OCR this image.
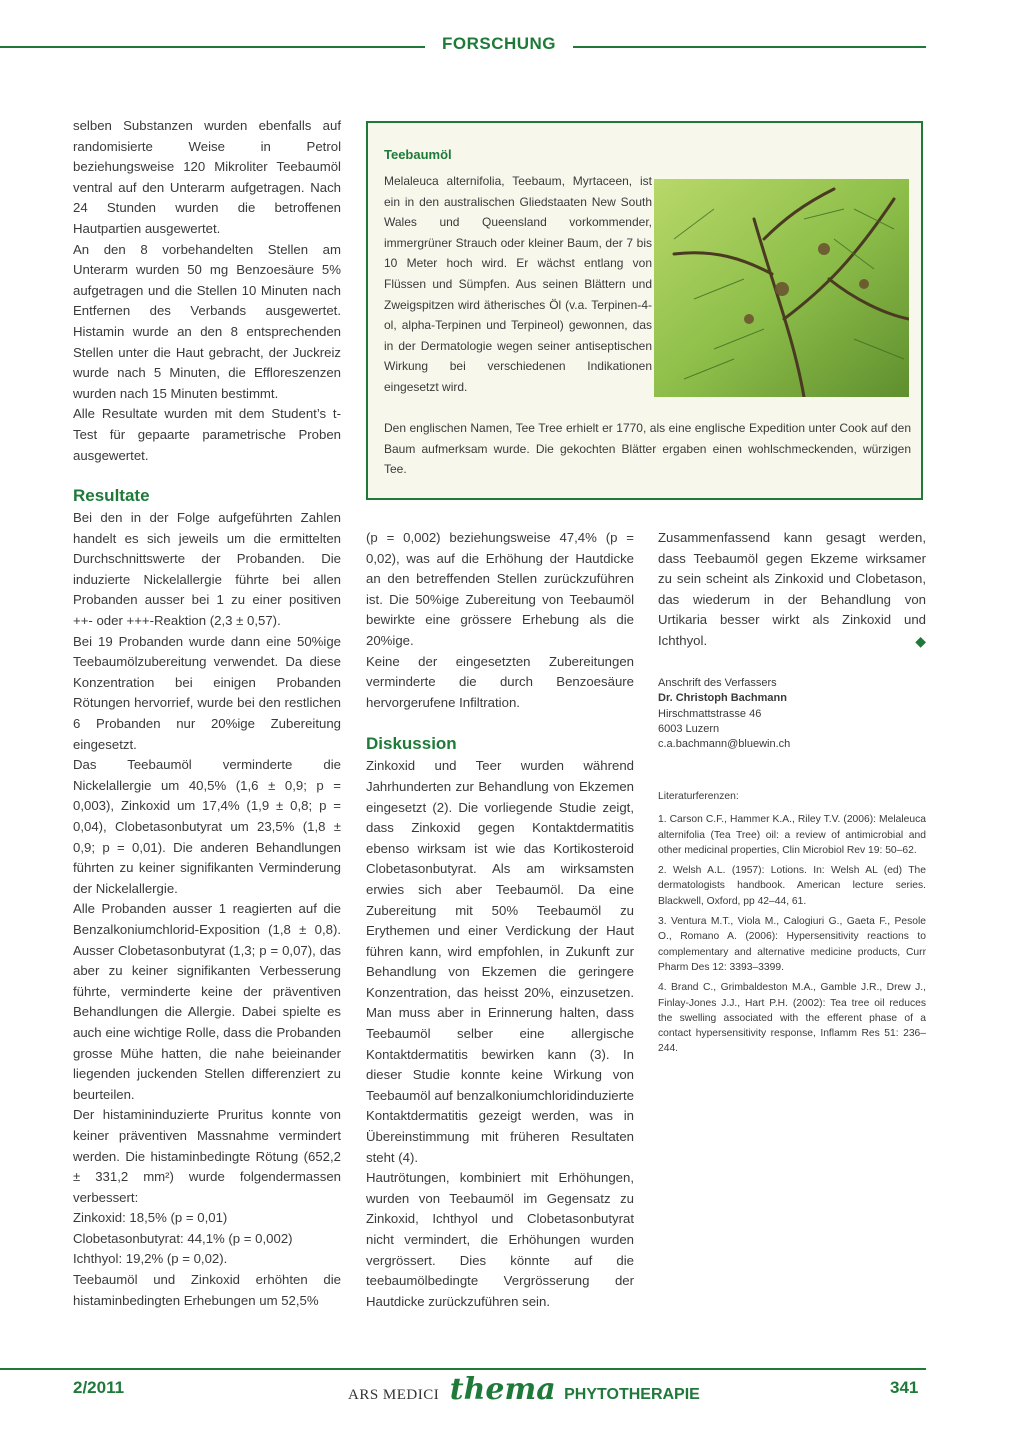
FORSCHUNG

selben Substanzen wurden ebenfalls auf randomisierte Weise in Petrol beziehungsweise 120 Mikroliter Teebaumöl ventral auf den Unterarm aufgetragen. Nach 24 Stunden wurden die betroffenen Hautpartien ausgewertet.

An den 8 vorbehandelten Stellen am Unterarm wurden 50 mg Benzoesäure 5% aufgetragen und die Stellen 10 Minuten nach Entfernen des Verbands ausgewertet. Histamin wurde an den 8 entsprechenden Stellen unter die Haut gebracht, der Juckreiz wurde nach 5 Minuten, die Effloreszenzen wurden nach 15 Minuten bestimmt.

Alle Resultate wurden mit dem Student’s t-Test für gepaarte parametrische Proben ausgewertet.

Resultate

Bei den in der Folge aufgeführten Zahlen handelt es sich jeweils um die ermittelten Durchschnittswerte der Probanden. Die induzierte Nickelallergie führte bei allen Probanden ausser bei 1 zu einer positiven ++- oder +++-Reaktion (2,3 ± 0,57).

Bei 19 Probanden wurde dann eine 50%ige Teebaumölzubereitung verwendet. Da diese Konzentration bei einigen Probanden Rötungen hervorrief, wurde bei den restlichen 6 Probanden nur 20%ige Zubereitung eingesetzt.

Das Teebaumöl verminderte die Nickelallergie um 40,5% (1,6 ± 0,9; p = 0,003), Zinkoxid um 17,4% (1,9 ± 0,8; p = 0,04), Clobetasonbutyrat um 23,5% (1,8 ± 0,9; p = 0,01). Die anderen Behandlungen führten zu keiner signifikanten Verminderung der Nickelallergie.

Alle Probanden ausser 1 reagierten auf die Benzalkoniumchlorid-Exposition (1,8 ± 0,8). Ausser Clobetasonbutyrat (1,3; p = 0,07), das aber zu keiner signifikanten Verbesserung führte, verminderte keine der präventiven Behandlungen die Allergie. Dabei spielte es auch eine wichtige Rolle, dass die Probanden grosse Mühe hatten, die nahe beieinander liegenden juckenden Stellen differenziert zu beurteilen.

Der histamininduzierte Pruritus konnte von keiner präventiven Massnahme vermindert werden. Die histaminbedingte Rötung (652,2 ± 331,2 mm²) wurde folgendermassen verbessert:

Zinkoxid: 18,5% (p = 0,01)

Clobetasonbutyrat: 44,1% (p = 0,002)

Ichthyol: 19,2% (p = 0,02).

Teebaumöl und Zinkoxid erhöhten die histaminbedingten Erhebungen um 52,5%

Teebaumöl
Melaleuca alternifolia, Teebaum, Myrtaceen, ist ein in den australischen Gliedstaaten New South Wales und Queensland vorkommender, immergrüner Strauch oder kleiner Baum, der 7 bis 10 Meter hoch wird. Er wächst entlang von Flüssen und Sümpfen. Aus seinen Blättern und Zweigspitzen wird ätherisches Öl (v.a. Terpinen-4-ol, alpha-Terpinen und Terpineol) gewonnen, das in der Dermatologie wegen seiner antiseptischen Wirkung bei verschiedenen Indikationen eingesetzt wird.
Den englischen Namen, Tee Tree erhielt er 1770, als eine englische Expedition unter Cook auf den Baum aufmerksam wurde. Die gekochten Blätter ergaben einen wohlschmeckenden, würzigen Tee.

(p = 0,002) beziehungsweise 47,4% (p = 0,02), was auf die Erhöhung der Hautdicke an den betreffenden Stellen zurückzuführen ist. Die 50%ige Zubereitung von Teebaumöl bewirkte eine grössere Erhebung als die 20%ige.

Keine der eingesetzten Zubereitungen verminderte die durch Benzoesäure hervorgerufene Infiltration.

Diskussion

Zinkoxid und Teer wurden während Jahrhunderten zur Behandlung von Ekzemen eingesetzt (2). Die vorliegende Studie zeigt, dass Zinkoxid gegen Kontaktdermatitis ebenso wirksam ist wie das Kortikosteroid Clobetasonbutyrat. Als am wirksamsten erwies sich aber Teebaumöl. Da eine Zubereitung mit 50% Teebaumöl zu Erythemen und einer Verdickung der Haut führen kann, wird empfohlen, in Zukunft zur Behandlung von Ekzemen die geringere Konzentration, das heisst 20%, einzusetzen. Man muss aber in Erinnerung halten, dass Teebaumöl selber eine allergische Kontaktdermatitis bewirken kann (3). In dieser Studie konnte keine Wirkung von Teebaumöl auf benzalkoniumchloridinduzierte Kontaktdermatitis gezeigt werden, was in Übereinstimmung mit früheren Resultaten steht (4).

Hautrötungen, kombiniert mit Erhöhungen, wurden von Teebaumöl im Gegensatz zu Zinkoxid, Ichthyol und Clobetasonbutyrat nicht vermindert, die Erhöhungen wurden vergrössert. Dies könnte auf die teebaumölbedingte Vergrösserung der Hautdicke zurückzuführen sein.

Zusammenfassend kann gesagt werden, dass Teebaumöl gegen Ekzeme wirksamer zu sein scheint als Zinkoxid und Clobetason, das wiederum in der Behandlung von Urtikaria besser wirkt als Zinkoxid und Ichthyol.	◆

Anschrift des Verfassers
Dr. Christoph Bachmann
Hirschmattstrasse 46
6003 Luzern
c.a.bachmann@bluewin.ch

Literaturferenzen:

1. Carson C.F., Hammer K.A., Riley T.V. (2006): Melaleuca alternifolia (Tea Tree) oil: a review of antimicrobial and other medicinal properties, Clin Microbiol Rev 19: 50–62.

2. Welsh A.L. (1957): Lotions. In: Welsh AL (ed) The dermatologists handbook. American lecture series. Blackwell, Oxford, pp 42–44, 61.

3. Ventura M.T., Viola M., Calogiuri G., Gaeta F., Pesole O., Romano A. (2006): Hypersensitivity reactions to complementary and alternative medicine products, Curr Pharm Des 12: 3393–3399.

4. Brand C., Grimbaldeston M.A., Gamble J.R., Drew J., Finlay-Jones J.J., Hart P.H. (2002): Tea tree oil reduces the swelling associated with the efferent phase of a contact hypersensitivity response, Inflamm Res 51: 236–244.

2/2011	ARS MEDICI thema PHYTOTHERAPIE	341
